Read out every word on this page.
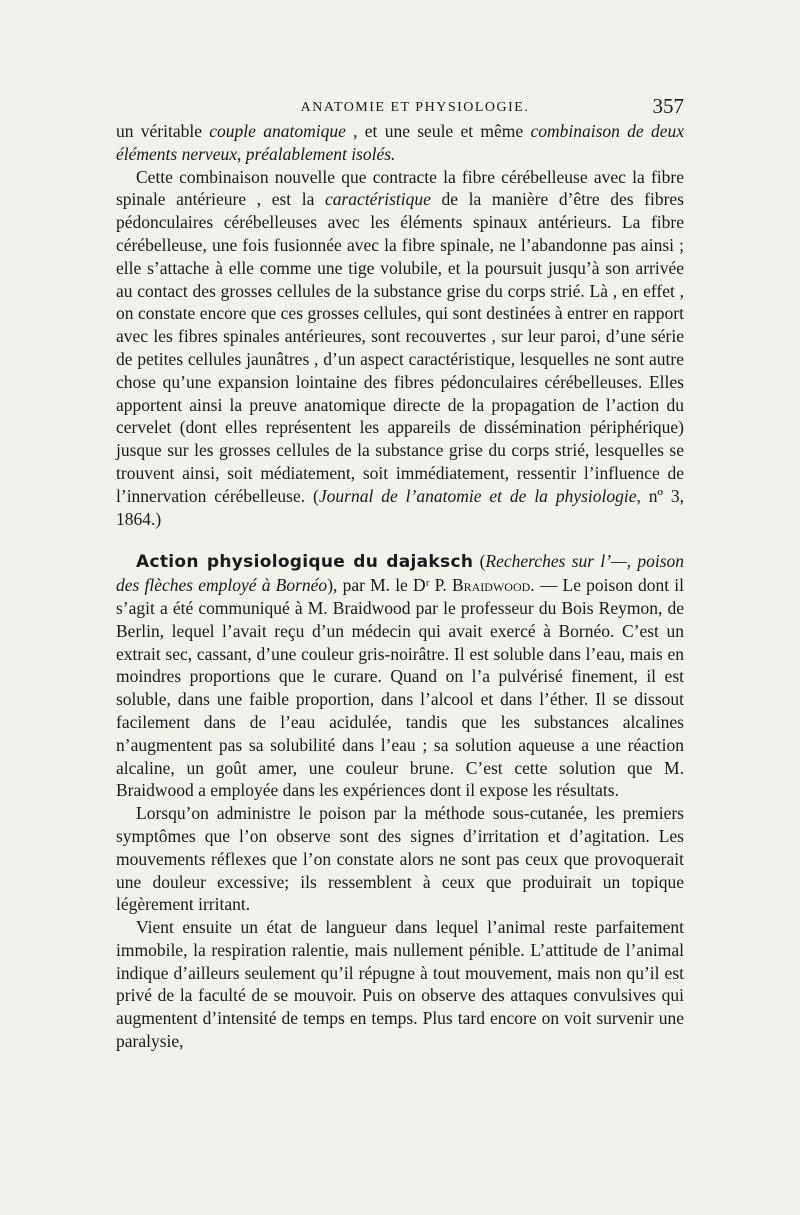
ANATOMIE ET PHYSIOLOGIE.	357

un véritable couple anatomique , et une seule et même combinaison de deux éléments nerveux, préalablement isolés.

Cette combinaison nouvelle que contracte la fibre cérébelleuse avec la fibre spinale antérieure , est la caractéristique de la manière d’être des fibres pédonculaires cérébelleuses avec les éléments spinaux antérieurs. La fibre cérébelleuse, une fois fusionnée avec la fibre spinale, ne l’abandonne pas ainsi ; elle s’attache à elle comme une tige volubile, et la poursuit jusqu’à son arrivée au contact des grosses cellules de la substance grise du corps strié. Là , en effet , on constate encore que ces grosses cellules, qui sont destinées à entrer en rapport avec les fibres spinales antérieures, sont recouvertes , sur leur paroi, d’une série de petites cellules jaunâtres , d’un aspect caractéristique, lesquelles ne sont autre chose qu’une expansion lointaine des fibres pédonculaires cérébelleuses. Elles apportent ainsi la preuve anatomique directe de la propagation de l’action du cervelet (dont elles représentent les appareils de dissémination périphérique) jusque sur les grosses cellules de la substance grise du corps strié, lesquelles se trouvent ainsi, soit médiatement, soit immédiatement, ressentir l’influence de l’innervation cérébelleuse. (Journal de l’anatomie et de la physiologie, nº 3, 1864.)

Action physiologique du dajaksch (Recherches sur l’—, poison des flèches employé à Bornéo), par M. le Dʳ P. Braidwood. — Le poison dont il s’agit a été communiqué à M. Braidwood par le professeur du Bois Reymon, de Berlin, lequel l’avait reçu d’un médecin qui avait exercé à Bornéo. C’est un extrait sec, cassant, d’une couleur gris-noirâtre. Il est soluble dans l’eau, mais en moindres proportions que le curare. Quand on l’a pulvérisé finement, il est soluble, dans une faible proportion, dans l’alcool et dans l’éther. Il se dissout facilement dans de l’eau acidulée, tandis que les substances alcalines n’augmentent pas sa solubilité dans l’eau ; sa solution aqueuse a une réaction alcaline, un goût amer, une couleur brune. C’est cette solution que M. Braidwood a employée dans les expériences dont il expose les résultats.

Lorsqu’on administre le poison par la méthode sous-cutanée, les premiers symptômes que l’on observe sont des signes d’irritation et d’agitation. Les mouvements réflexes que l’on constate alors ne sont pas ceux que provoquerait une douleur excessive; ils ressemblent à ceux que produirait un topique légèrement irritant.

Vient ensuite un état de langueur dans lequel l’animal reste parfaitement immobile, la respiration ralentie, mais nullement pénible. L’attitude de l’animal indique d’ailleurs seulement qu’il répugne à tout mouvement, mais non qu’il est privé de la faculté de se mouvoir. Puis on observe des attaques convulsives qui augmentent d’intensité de temps en temps. Plus tard encore on voit survenir une paralysie,
